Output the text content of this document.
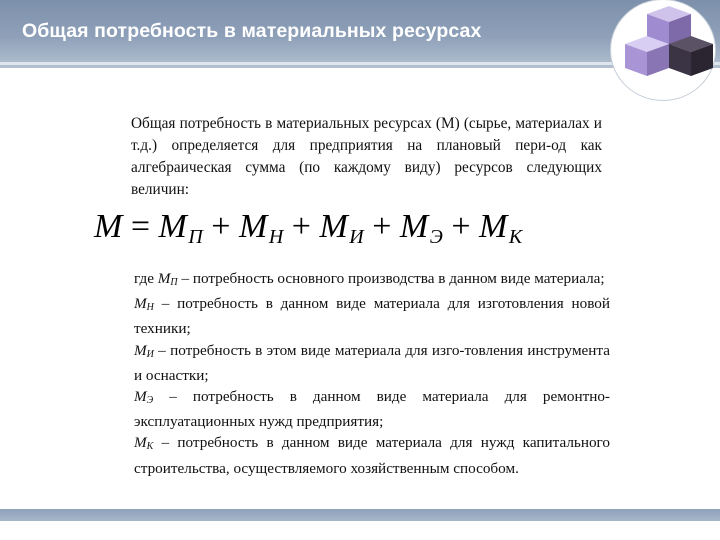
Общая потребность в материальных ресурсах

Общая потребность в материальных ресурсах (М) (сырье, материалах и т.д.) определяется для предприятия на плановый пери-од как алгебраическая сумма (по каждому виду) ресурсов следующих величин:

$M = M_П + M_Н + M_И + M_Э + M_К$

где $М_П$ – потребность основного производства в данном виде материала;

$М_Н$ – потребность в данном виде материала для изготовления новой техники;

$М_И$ – потребность в этом виде материала для изго-товления инструмента и оснастки;

$М_Э$ – потребность в данном виде материала для ремонтно-эксплуатационных нужд предприятия;

$М_К$ – потребность в данном виде материала для нужд капитального строительства, осуществляемого хозяйственным способом.
